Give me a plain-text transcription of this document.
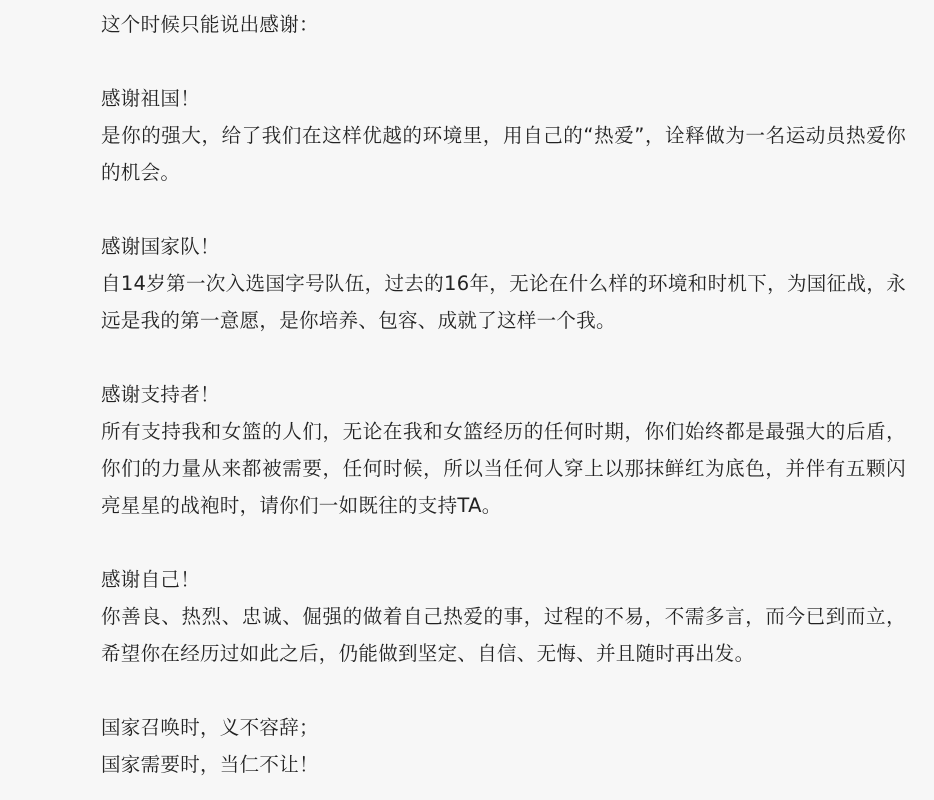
这个时候只能说出感谢：

感谢祖国！

是你的强大，给了我们在这样优越的环境里，用自己的“热爱”，诠释做为一名运动员热爱你的机会。

感谢国家队！

自14岁第一次入选国字号队伍，过去的16年，无论在什么样的环境和时机下，为国征战，永远是我的第一意愿，是你培养、包容、成就了这样一个我。

感谢支持者！

所有支持我和女篮的人们，无论在我和女篮经历的任何时期，你们始终都是最强大的后盾，你们的力量从来都被需要，任何时候，所以当任何人穿上以那抹鲜红为底色，并伴有五颗闪亮星星的战袍时，请你们一如既往的支持TA。

感谢自己！

你善良、热烈、忠诚、倔强的做着自己热爱的事，过程的不易，不需多言，而今已到而立，希望你在经历过如此之后，仍能做到坚定、自信、无悔、并且随时再出发。

国家召唤时，义不容辞；

国家需要时，当仁不让！
